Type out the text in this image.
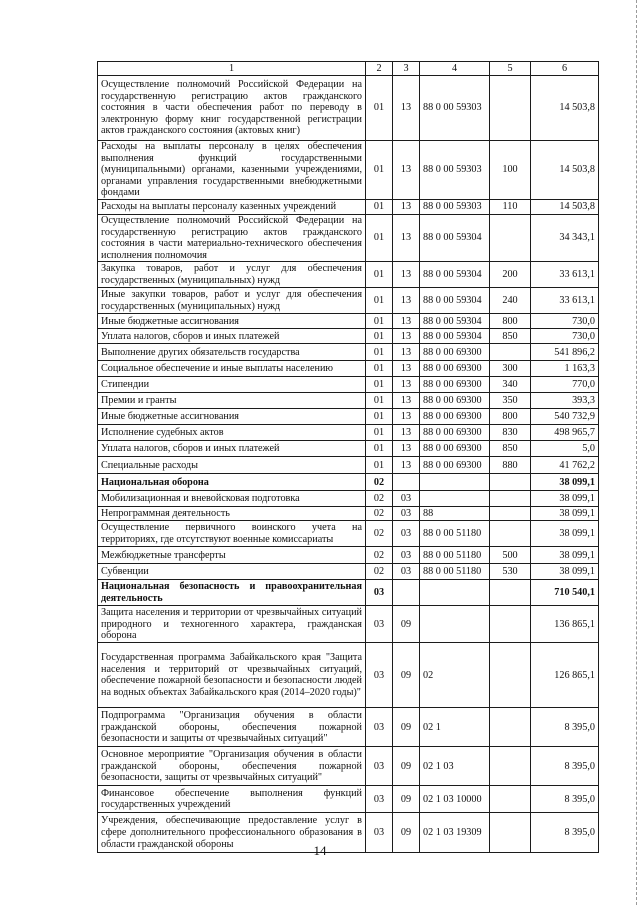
1	2	3	4	5	6
Осуществление полномочий Российской Федерации на государственную регистрацию актов гражданского состояния в части обеспечения работ по переводу в электронную форму книг государственной регистрации актов гражданского состояния (актовых книг)	01	13	88 0 00 59303		14 503,8
Расходы на выплаты персоналу в целях обеспечения выполнения функций государственными (муниципальными) органами, казенными учреждениями, органами управления государственными внебюджетными фондами	01	13	88 0 00 59303	100	14 503,8
Расходы на выплаты персоналу казенных учреждений	01	13	88 0 00 59303	110	14 503,8
Осуществление полномочий Российской Федерации на государственную регистрацию актов гражданского состояния в части материально-технического обеспечения исполнения полномочия	01	13	88 0 00 59304		34 343,1
Закупка товаров, работ и услуг для обеспечения государственных (муниципальных) нужд	01	13	88 0 00 59304	200	33 613,1
Иные закупки товаров, работ и услуг для обеспечения государственных (муниципальных) нужд	01	13	88 0 00 59304	240	33 613,1
Иные бюджетные ассигнования	01	13	88 0 00 59304	800	730,0
Уплата налогов, сборов и иных платежей	01	13	88 0 00 59304	850	730,0
Выполнение других обязательств государства	01	13	88 0 00 69300		541 896,2
Социальное обеспечение и иные выплаты населению	01	13	88 0 00 69300	300	1 163,3
Стипендии	01	13	88 0 00 69300	340	770,0
Премии и гранты	01	13	88 0 00 69300	350	393,3
Иные бюджетные ассигнования	01	13	88 0 00 69300	800	540 732,9
Исполнение судебных актов	01	13	88 0 00 69300	830	498 965,7
Уплата налогов, сборов и иных платежей	01	13	88 0 00 69300	850	5,0
Специальные расходы	01	13	88 0 00 69300	880	41 762,2
Национальная оборона	02				38 099,1
Мобилизационная и вневойсковая подготовка	02	03			38 099,1
Непрограммная деятельность	02	03	88		38 099,1
Осуществление первичного воинского учета на территориях, где отсутствуют военные комиссариаты	02	03	88 0 00 51180		38 099,1
Межбюджетные трансферты	02	03	88 0 00 51180	500	38 099,1
Субвенции	02	03	88 0 00 51180	530	38 099,1
Национальная безопасность и правоохранительная деятельность	03				710 540,1
Защита населения и территории от чрезвычайных ситуаций природного и техногенного характера, гражданская оборона	03	09			136 865,1
Государственная программа Забайкальского края "Защита населения и территорий от чрезвычайных ситуаций, обеспечение пожарной безопасности и безопасности людей на водных объектах Забайкальского края (2014–2020 годы)"	03	09	02		126 865,1
Подпрограмма "Организация обучения в области гражданской обороны, обеспечения пожарной безопасности и защиты от чрезвычайных ситуаций"	03	09	02 1		8 395,0
Основное мероприятие "Организация обучения в области гражданской обороны, обеспечения пожарной безопасности, защиты от чрезвычайных ситуаций"	03	09	02 1 03		8 395,0
Финансовое обеспечение выполнения функций государственных учреждений	03	09	02 1 03 10000		8 395,0
Учреждения, обеспечивающие предоставление услуг в сфере дополнительного профессионального образования в области гражданской обороны	03	09	02 1 03 19309		8 395,0
14
